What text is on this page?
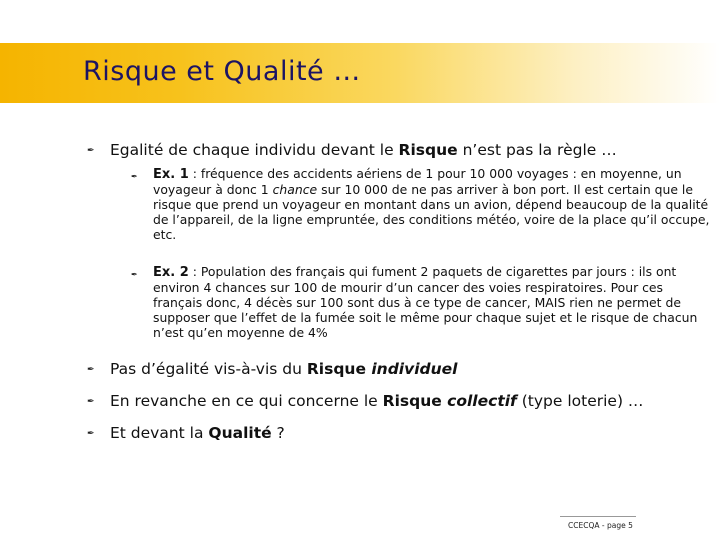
Risque et Qualité …
✒ Egalité de chaque individu devant le Risque n’est pas la règle …
✒ Ex. 1 : fréquence des accidents aériens de 1 pour 10 000 voyages : en moyenne, un voyageur à donc 1 chance sur 10 000 de ne pas arriver à bon port. Il est certain que le risque que prend un voyageur en montant dans un avion, dépend beaucoup de la qualité de l’appareil, de la ligne empruntée, des conditions météo, voire de la place qu’il occupe, etc.
✒ Ex. 2 : Population des français qui fument 2 paquets de cigarettes par jours : ils ont environ 4 chances sur 100 de mourir d’un cancer des voies respiratoires. Pour ces français donc, 4 décès sur 100 sont dus à ce type de cancer, MAIS rien ne permet de supposer que l’effet de la fumée soit le même pour chaque sujet et le risque de chacun n’est qu’en moyenne de 4%
✒ Pas d’égalité vis-à-vis du Risque individuel
✒ En revanche en ce qui concerne le Risque collectif (type loterie) …
✒ Et devant la Qualité ?
CCECQA - page 5
